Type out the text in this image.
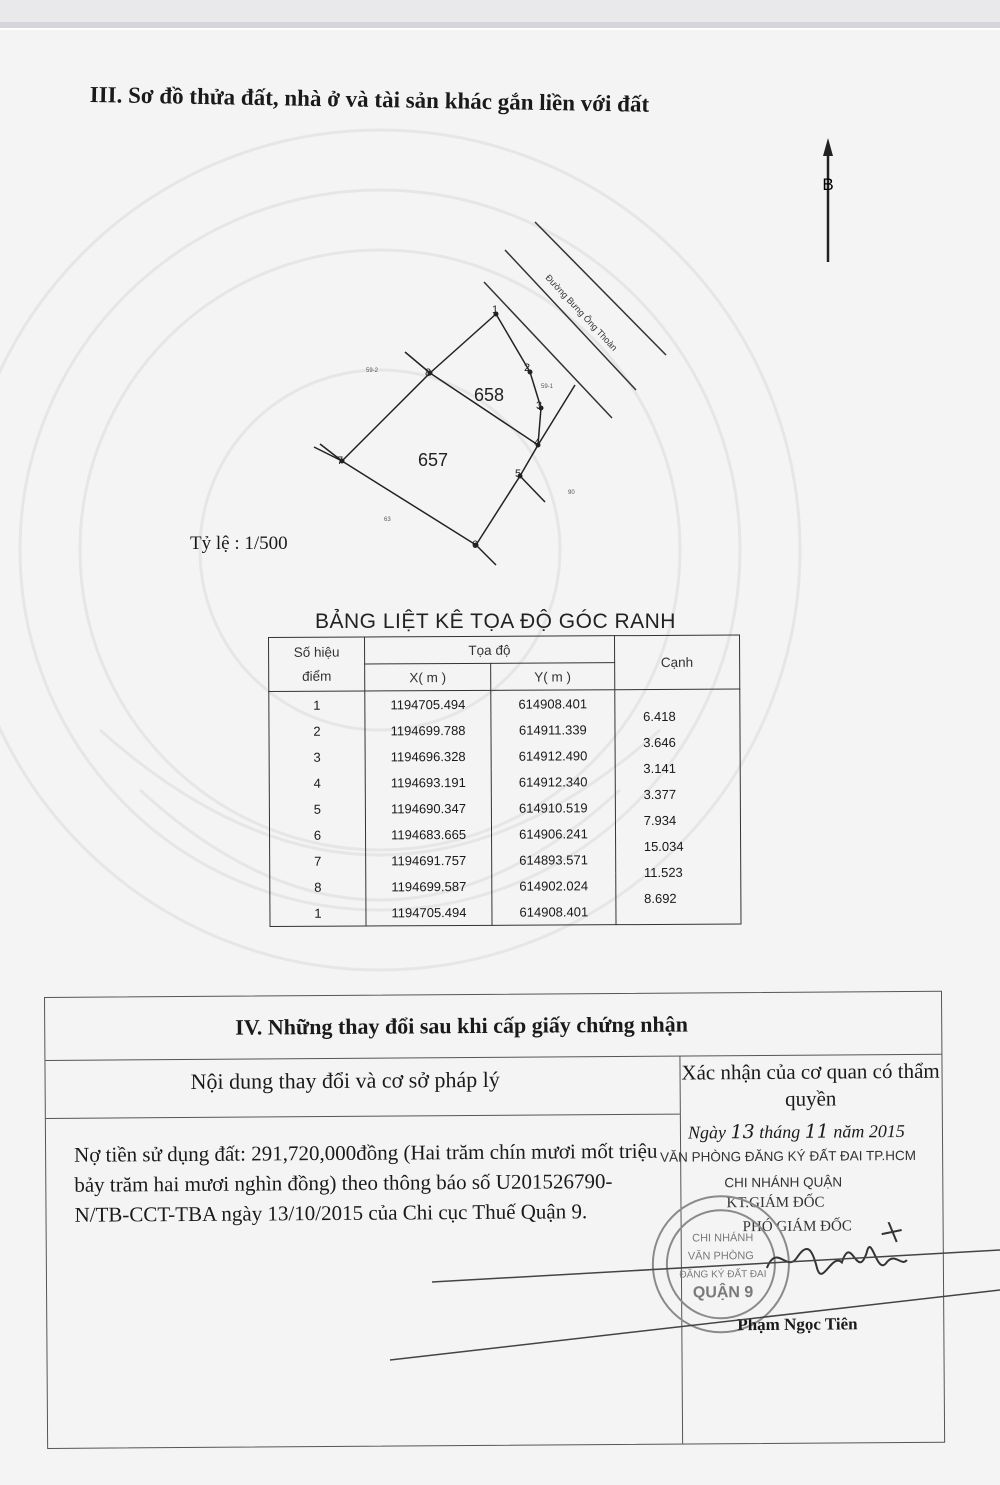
III. Sơ đồ thửa đất, nhà ở và tài sản khác gắn liền với đất
B
Đường Bưng Ông Thoàn
1
2
3
4
5
6
7
8
658
657
59-2
59-1
90
63
Tỷ lệ : 1/500
BẢNG LIỆT KÊ TỌA ĐỘ GÓC RANH
Số hiệu
điểm	Tọa độ		Cạnh
	X( m )	Y( m )	
1	1194705.494	614908.401	6.418
2	1194699.788	614911.339	3.646
3	1194696.328	614912.490	3.141
4	1194693.191	614912.340	3.377
5	1194690.347	614910.519	7.934
6	1194683.665	614906.241	15.034
7	1194691.757	614893.571	11.523
8	1194699.587	614902.024	8.692
1	1194705.494	614908.401	
IV. Những thay đổi sau khi cấp giấy chứng nhận
Nội dung thay đổi và cơ sở pháp lý	Xác nhận của cơ quan có thẩm quyền
Nợ tiền sử dụng đất: 291,720,000đồng (Hai trăm chín mươi mốt triệu bảy trăm hai mươi nghìn đồng) theo thông báo số U201526790-N/TB-CCT-TBA ngày 13/10/2015 của Chi cục Thuế Quận 9.
Ngày 13 tháng 11 năm 2015
VĂN PHÒNG ĐĂNG KÝ ĐẤT ĐAI TP.HCM
CHI NHÁNH QUẬN
KT.GIÁM ĐỐC
PHÓ GIÁM ĐỐC
CHI NHÁNH
VĂN PHÒNG
ĐĂNG KÝ ĐẤT ĐAI
QUẬN 9
Phạm Ngọc Tiên
